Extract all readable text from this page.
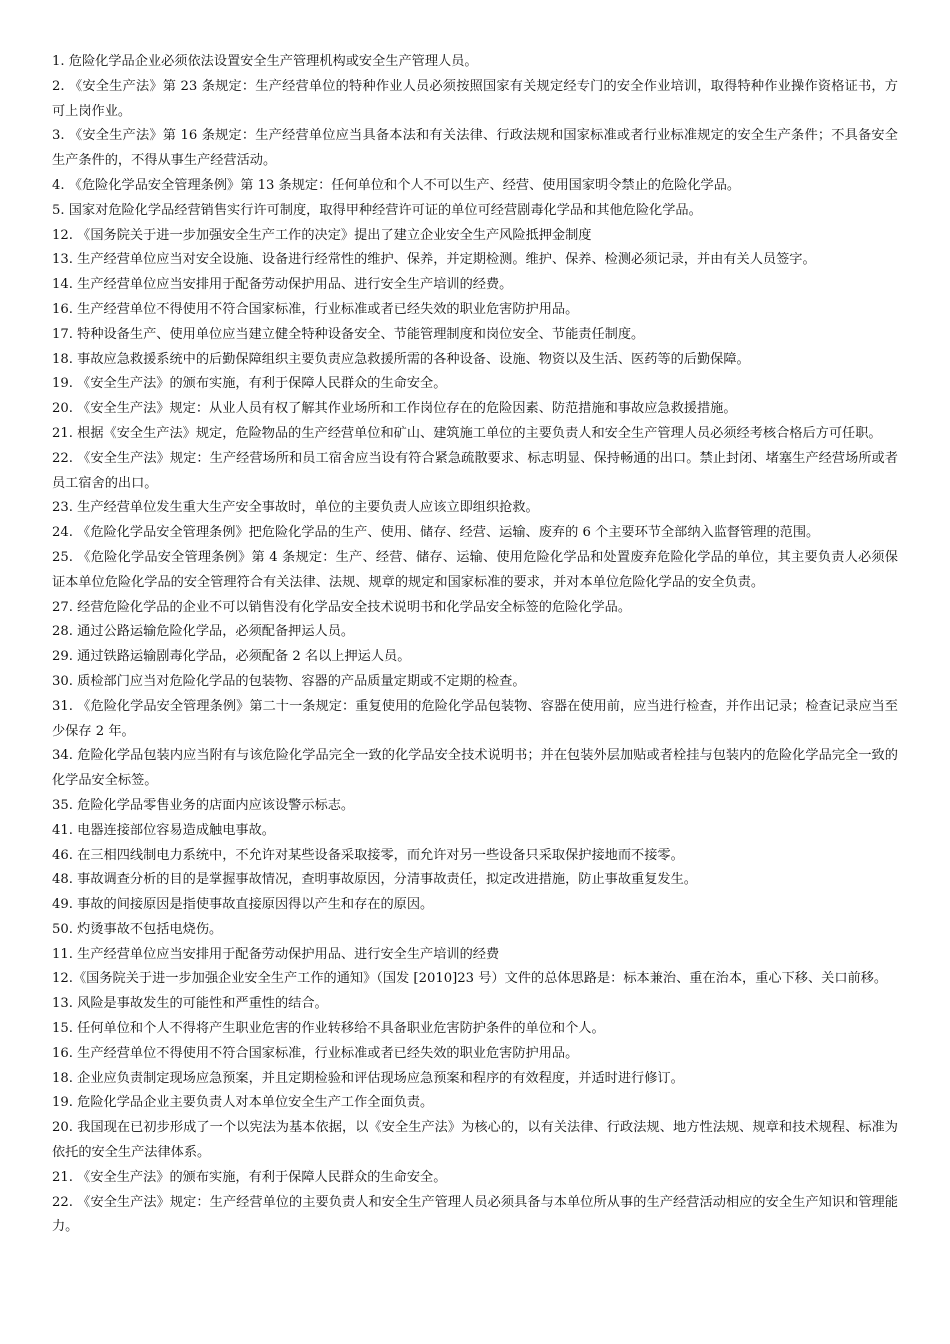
1. 危险化学品企业必须依法设置安全生产管理机构或安全生产管理人员。

2. 《安全生产法》第 23 条规定：生产经营单位的特种作业人员必须按照国家有关规定经专门的安全作业培训，取得特种作业操作资格证书，方可上岗作业。

3. 《安全生产法》第 16 条规定：生产经营单位应当具备本法和有关法律、行政法规和国家标准或者行业标准规定的安全生产条件；不具备安全生产条件的，不得从事生产经营活动。

4. 《危险化学品安全管理条例》第 13 条规定：任何单位和个人不可以生产、经营、使用国家明令禁止的危险化学品。

5. 国家对危险化学品经营销售实行许可制度，取得甲种经营许可证的单位可经营剧毒化学品和其他危险化学品。

12. 《国务院关于进一步加强安全生产工作的决定》提出了建立企业安全生产风险抵押金制度

13. 生产经营单位应当对安全设施、设备进行经常性的维护、保养，并定期检测。维护、保养、检测必须记录，并由有关人员签字。

14. 生产经营单位应当安排用于配备劳动保护用品、进行安全生产培训的经费。

16. 生产经营单位不得使用不符合国家标准，行业标准或者已经失效的职业危害防护用品。

17. 特种设备生产、使用单位应当建立健全特种设备安全、节能管理制度和岗位安全、节能责任制度。

18. 事故应急救援系统中的后勤保障组织主要负责应急救援所需的各种设备、设施、物资以及生活、医药等的后勤保障。

19. 《安全生产法》的颁布实施，有利于保障人民群众的生命安全。

20. 《安全生产法》规定：从业人员有权了解其作业场所和工作岗位存在的危险因素、防范措施和事故应急救援措施。

21. 根据《安全生产法》规定，危险物品的生产经营单位和矿山、建筑施工单位的主要负责人和安全生产管理人员必须经考核合格后方可任职。

22. 《安全生产法》规定：生产经营场所和员工宿舍应当设有符合紧急疏散要求、标志明显、保持畅通的出口。禁止封闭、堵塞生产经营场所或者员工宿舍的出口。

23. 生产经营单位发生重大生产安全事故时，单位的主要负责人应该立即组织抢救。

24. 《危险化学品安全管理条例》把危险化学品的生产、使用、储存、经营、运输、废弃的 6 个主要环节全部纳入监督管理的范围。

25. 《危险化学品安全管理条例》第 4 条规定：生产、经营、储存、运输、使用危险化学品和处置废弃危险化学品的单位，其主要负责人必须保证本单位危险化学品的安全管理符合有关法律、法规、规章的规定和国家标准的要求，并对本单位危险化学品的安全负责。

27. 经营危险化学品的企业不可以销售没有化学品安全技术说明书和化学品安全标签的危险化学品。

28. 通过公路运输危险化学品，必须配备押运人员。

29. 通过铁路运输剧毒化学品，必须配备 2 名以上押运人员。

30. 质检部门应当对危险化学品的包装物、容器的产品质量定期或不定期的检查。

31. 《危险化学品安全管理条例》第二十一条规定：重复使用的危险化学品包装物、容器在使用前，应当进行检查，并作出记录；检查记录应当至少保存 2 年。

34. 危险化学品包装内应当附有与该危险化学品完全一致的化学品安全技术说明书；并在包装外层加贴或者栓挂与包装内的危险化学品完全一致的化学品安全标签。

35. 危险化学品零售业务的店面内应该设警示标志。

41. 电器连接部位容易造成触电事故。

46. 在三相四线制电力系统中，不允许对某些设备采取接零，而允许对另一些设备只采取保护接地而不接零。

48. 事故调查分析的目的是掌握事故情况，查明事故原因，分清事故责任，拟定改进措施，防止事故重复发生。

49. 事故的间接原因是指使事故直接原因得以产生和存在的原因。

50. 灼烫事故不包括电烧伤。

11. 生产经营单位应当安排用于配备劳动保护用品、进行安全生产培训的经费

12.《国务院关于进一步加强企业安全生产工作的通知》（国发 [2010]23 号）文件的总体思路是：标本兼治、重在治本，重心下移、关口前移。

13. 风险是事故发生的可能性和严重性的结合。

15. 任何单位和个人不得将产生职业危害的作业转移给不具备职业危害防护条件的单位和个人。

16. 生产经营单位不得使用不符合国家标准，行业标准或者已经失效的职业危害防护用品。

18. 企业应负责制定现场应急预案，并且定期检验和评估现场应急预案和程序的有效程度，并适时进行修订。

19. 危险化学品企业主要负责人对本单位安全生产工作全面负责。

20. 我国现在已初步形成了一个以宪法为基本依据，以《安全生产法》为核心的，以有关法律、行政法规、地方性法规、规章和技术规程、标准为依托的安全生产法律体系。

21. 《安全生产法》的颁布实施，有利于保障人民群众的生命安全。

22. 《安全生产法》规定：生产经营单位的主要负责人和安全生产管理人员必须具备与本单位所从事的生产经营活动相应的安全生产知识和管理能力。
